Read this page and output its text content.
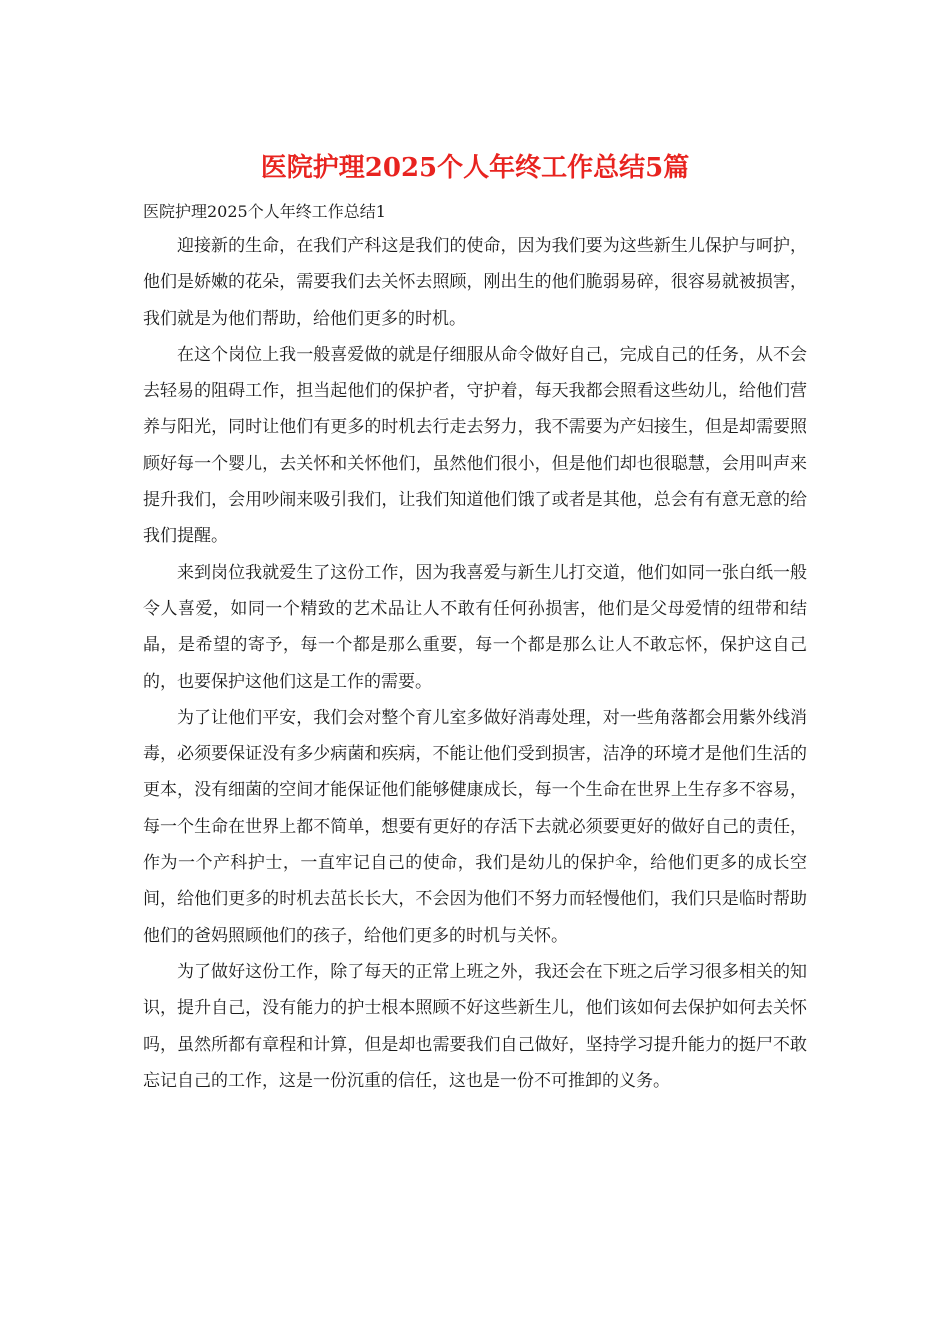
医院护理2025个人年终工作总结5篇

医院护理2025个人年终工作总结1

迎接新的生命，在我们产科这是我们的使命，因为我们要为这些新生儿保护与呵护，他们是娇嫩的花朵，需要我们去关怀去照顾，刚出生的他们脆弱易碎，很容易就被损害，我们就是为他们帮助，给他们更多的时机。

在这个岗位上我一般喜爱做的就是仔细服从命令做好自己，完成自己的任务，从不会去轻易的阻碍工作，担当起他们的保护者，守护着，每天我都会照看这些幼儿，给他们营养与阳光，同时让他们有更多的时机去行走去努力，我不需要为产妇接生，但是却需要照顾好每一个婴儿，去关怀和关怀他们，虽然他们很小，但是他们却也很聪慧，会用叫声来提升我们，会用吵闹来吸引我们，让我们知道他们饿了或者是其他，总会有有意无意的给我们提醒。

来到岗位我就爱生了这份工作，因为我喜爱与新生儿打交道，他们如同一张白纸一般令人喜爱，如同一个精致的艺术品让人不敢有任何孙损害，他们是父母爱情的纽带和结晶，是希望的寄予，每一个都是那么重要，每一个都是那么让人不敢忘怀，保护这自己的，也要保护这他们这是工作的需要。

为了让他们平安，我们会对整个育儿室多做好消毒处理，对一些角落都会用紫外线消毒，必须要保证没有多少病菌和疾病，不能让他们受到损害，洁净的环境才是他们生活的更本，没有细菌的空间才能保证他们能够健康成长，每一个生命在世界上生存多不容易，每一个生命在世界上都不简单，想要有更好的存活下去就必须要更好的做好自己的责任，作为一个产科护士，一直牢记自己的使命，我们是幼儿的保护伞，给他们更多的成长空间，给他们更多的时机去茁长长大，不会因为他们不努力而轻慢他们，我们只是临时帮助他们的爸妈照顾他们的孩子，给他们更多的时机与关怀。

为了做好这份工作，除了每天的正常上班之外，我还会在下班之后学习很多相关的知识，提升自己，没有能力的护士根本照顾不好这些新生儿，他们该如何去保护如何去关怀吗，虽然所都有章程和计算，但是却也需要我们自己做好，坚持学习提升能力的挺尸不敢忘记自己的工作，这是一份沉重的信任，这也是一份不可推卸的义务。
